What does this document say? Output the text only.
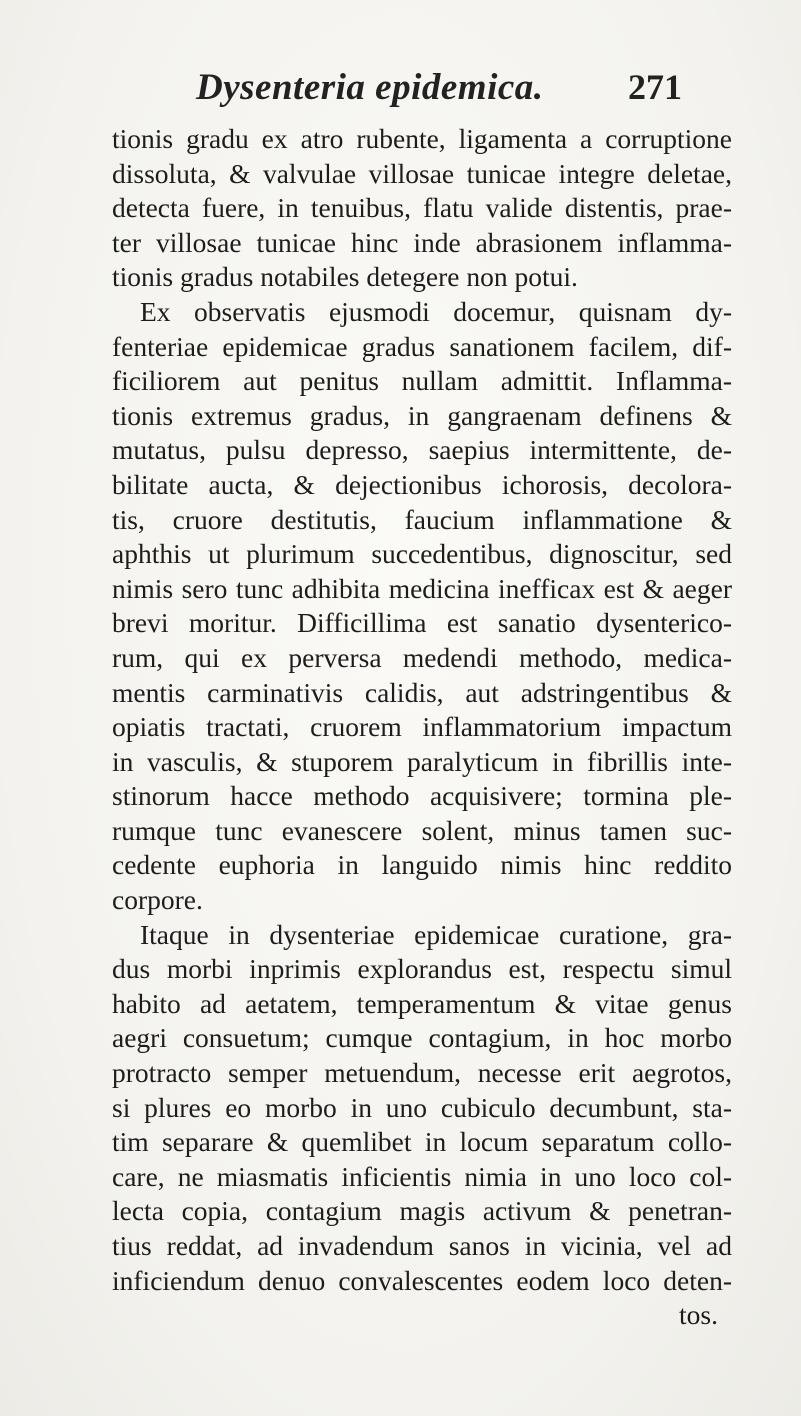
Dysenteria epidemica.	271
tionis gradu ex atro rubente, ligamenta a corruptione
dissoluta, & valvulae villosae tunicae integre deletae,
detecta fuere, in tenuibus, flatu valide distentis, prae-
ter villosae tunicae hinc inde abrasionem inflamma-
tionis gradus notabiles detegere non potui.
Ex observatis ejusmodi docemur, quisnam dy-
fenteriae epidemicae gradus sanationem facilem, dif-
ficiliorem aut penitus nullam admittit. Inflamma-
tionis extremus gradus, in gangraenam definens &
mutatus, pulsu depresso, saepius intermittente, de-
bilitate aucta, & dejectionibus ichorosis, decolora-
tis, cruore destitutis, faucium inflammatione &
aphthis ut plurimum succedentibus, dignoscitur, sed
nimis sero tunc adhibita medicina inefficax est & aeger
brevi moritur. Difficillima est sanatio dysenterico-
rum, qui ex perversa medendi methodo, medica-
mentis carminativis calidis, aut adstringentibus &
opiatis tractati, cruorem inflammatorium impactum
in vasculis, & stuporem paralyticum in fibrillis inte-
stinorum hacce methodo acquisivere; tormina ple-
rumque tunc evanescere solent, minus tamen suc-
cedente euphoria in languido nimis hinc reddito
corpore.
Itaque in dysenteriae epidemicae curatione, gra-
dus morbi inprimis explorandus est, respectu simul
habito ad aetatem, temperamentum & vitae genus
aegri consuetum; cumque contagium, in hoc morbo
protracto semper metuendum, necesse erit aegrotos,
si plures eo morbo in uno cubiculo decumbunt, sta-
tim separare & quemlibet in locum separatum collo-
care, ne miasmatis inficientis nimia in uno loco col-
lecta copia, contagium magis activum & penetran-
tius reddat, ad invadendum sanos in vicinia, vel ad
inficiendum denuo convalescentes eodem loco deten-
tos.
